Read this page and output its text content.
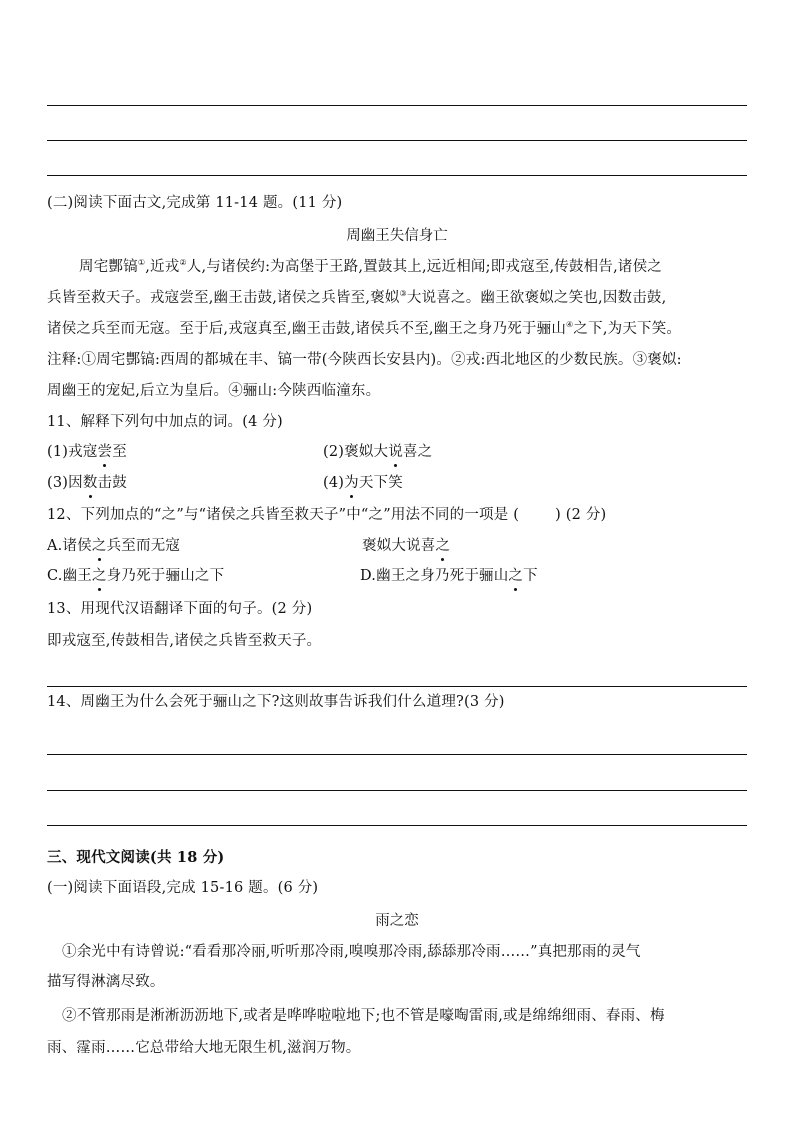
(二)阅读下面古文,完成第 11-14 题。(11 分)
周幽王失信身亡
周宅酆镐①,近戎②人,与诸侯约:为高堡于王路,置鼓其上,远近相闻;即戎寇至,传鼓相告,诸侯之
兵皆至救天子。戎寇尝至,幽王击鼓,诸侯之兵皆至,褒姒③大说喜之。幽王欲褒姒之笑也,因数击鼓,
诸侯之兵至而无寇。至于后,戎寇真至,幽王击鼓,诸侯兵不至,幽王之身乃死于骊山④之下,为天下笑。
注释:①周宅酆镐:西周的都城在丰、镐一带(今陕西长安县内)。②戎:西北地区的少数民族。③褒姒:
周幽王的宠妃,后立为皇后。④骊山:今陕西临潼东。
11、解释下列句中加点的词。(4 分)
(1)戎寇尝至	(2)褒姒大说喜之
(3)因数击鼓	(4)为天下笑
12、下列加点的“之”与“诸侯之兵皆至救天子”中“之”用法不同的一项是 ( ) (2 分)
A.诸侯之兵至而无寇	褒姒大说喜之
C.幽王之身乃死于骊山之下	D.幽王之身乃死于骊山之下
13、用现代汉语翻译下面的句子。(2 分)
即戎寇至,传鼓相告,诸侯之兵皆至救天子。
14、周幽王为什么会死于骊山之下?这则故事告诉我们什么道理?(3 分)
三、现代文阅读(共 18 分)
(一)阅读下面语段,完成 15-16 题。(6 分)
雨之恋
①余光中有诗曾说:“看看那冷丽,听听那冷雨,嗅嗅那冷雨,舔舔那冷雨……”真把那雨的灵气
描写得淋漓尽致。
②不管那雨是淅淅沥沥地下,或者是哗哗啦啦地下;也不管是嚎啕雷雨,或是绵绵细雨、春雨、梅
雨、霪雨……它总带给大地无限生机,滋润万物。
